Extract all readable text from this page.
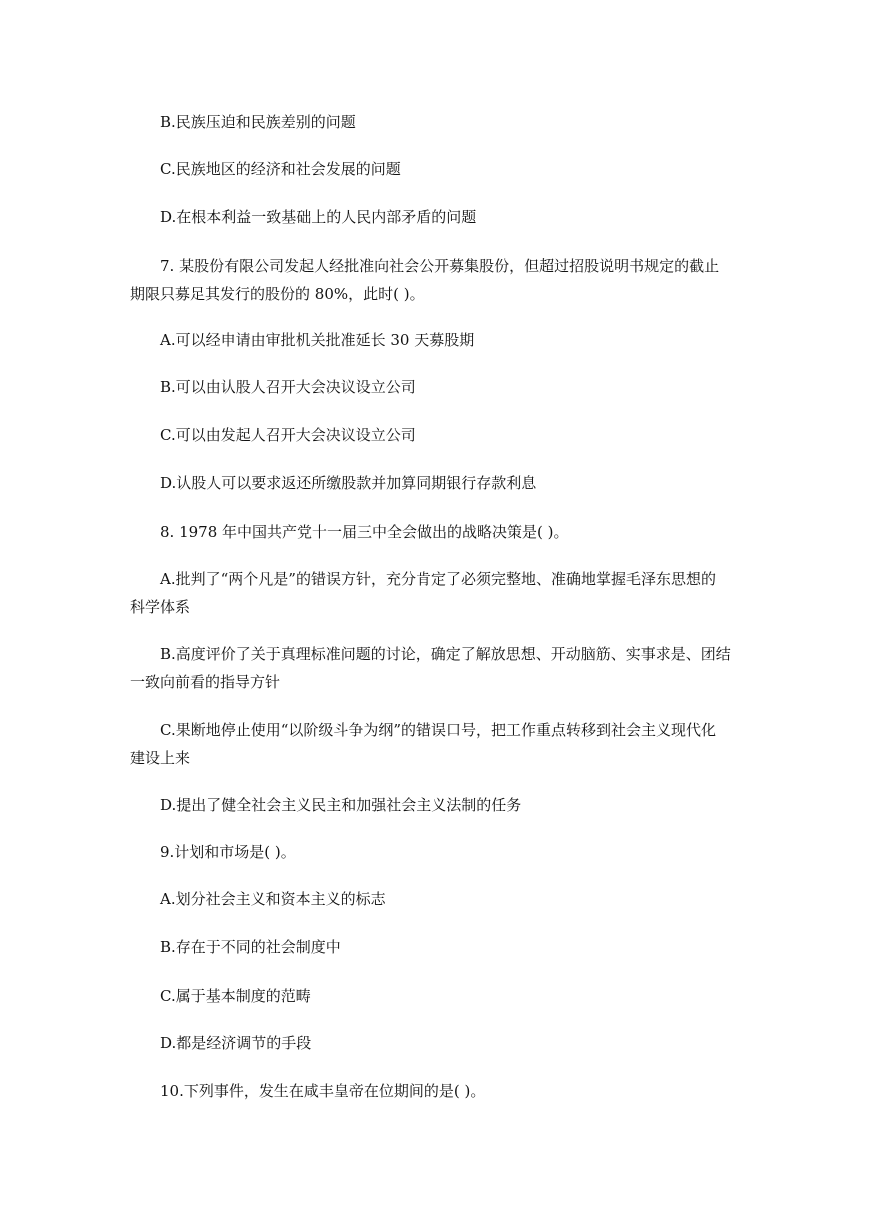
B.民族压迫和民族差别的问题

C.民族地区的经济和社会发展的问题

D.在根本利益一致基础上的人民内部矛盾的问题

7. 某股份有限公司发起人经批准向社会公开募集股份，但超过招股说明书规定的截止
期限只募足其发行的股份的 80%，此时( )。

A.可以经申请由审批机关批准延长 30 天募股期

B.可以由认股人召开大会决议设立公司

C.可以由发起人召开大会决议设立公司

D.认股人可以要求返还所缴股款并加算同期银行存款利息

8. 1978 年中国共产党十一届三中全会做出的战略决策是( )。

A.批判了“两个凡是”的错误方针，充分肯定了必须完整地、准确地掌握毛泽东思想的
科学体系
B.高度评价了关于真理标准问题的讨论，确定了解放思想、开动脑筋、实事求是、团结
一致向前看的指导方针
C.果断地停止使用“以阶级斗争为纲”的错误口号，把工作重点转移到社会主义现代化
建设上来

D.提出了健全社会主义民主和加强社会主义法制的任务

9.计划和市场是( )。

A.划分社会主义和资本主义的标志

B.存在于不同的社会制度中

C.属于基本制度的范畴

D.都是经济调节的手段

10.下列事件，发生在咸丰皇帝在位期间的是( )。
